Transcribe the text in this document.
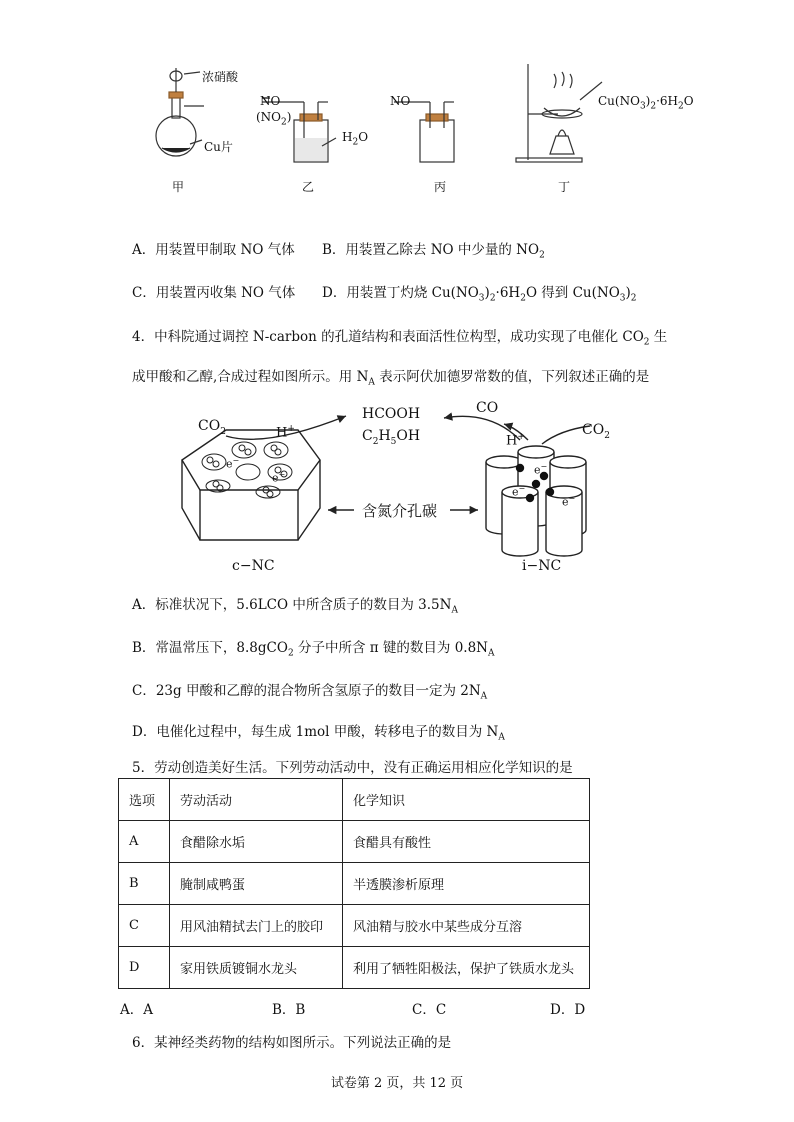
浓硝酸
Cu片
NO
$(NO_2)$
$H_2O$
NO	$Cu(NO_3)_2\cdot 6H_2O$
甲	乙	丙	丁
A．用装置甲制取 NO 气体 B．用装置乙除去 NO 中少量的 $NO_2$
C．用装置丙收集 NO 气体 D．用装置丁灼烧 $Cu(NO_3)_2\cdot 6H_2O$ 得到 $Cu(NO_3)_2$
4．中科院通过调控 N-carbon 的孔道结构和表面活性位构型，成功实现了电催化 $CO_2$ 生
成甲酸和乙醇,合成过程如图所示。用 $N_A$ 表示阿伏加德罗常数的值，下列叙述正确的是
$CO_2$	H+
HCOOH
$C_2H_5OH$
CO
H+	$CO_2$
e−
e−	e−
e−
e−
含氮介孔碳
c−NC	i−NC
A．标准状况下，5.6LCO 中所含质子的数目为 $3.5N_A$
B．常温常压下，8.8gCO$_2$ 分子中所含 π 键的数目为 $0.8N_A$
C．23g 甲酸和乙醇的混合物所含氢原子的数目一定为 $2N_A$
D．电催化过程中，每生成 1mol 甲酸，转移电子的数目为 $N_A$
5．劳动创造美好生活。下列劳动活动中，没有正确运用相应化学知识的是
选项	劳动活动	化学知识
A	食醋除水垢	食醋具有酸性
B	腌制咸鸭蛋	半透膜渗析原理
C	用风油精拭去门上的胶印	风油精与胶水中某些成分互溶
D	家用铁质镀铜水龙头	利用了牺牲阳极法，保护了铁质水龙头
A．A	B．B	C．C	D．D
6．某神经类药物的结构如图所示。下列说法正确的是
试卷第 2 页，共 12 页
